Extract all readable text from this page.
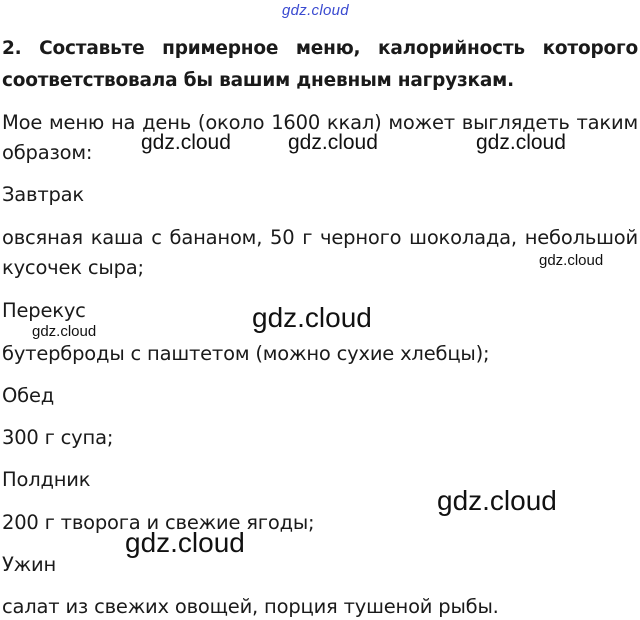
gdz.cloud
2. Составьте примерное меню, калорийность которого
соответствовала бы вашим дневным нагрузкам.
Мое меню на день (около 1600 ккал) может выглядеть таким
образом:	gdz.cloud	gdz.cloud	gdz.cloud
Завтрак
овсяная каша с бананом, 50 г черного шоколада, небольшой
кусочек сыра;	gdz.cloud
Перекус
gdz.cloud	gdz.cloud
бутерброды с паштетом (можно сухие хлебцы);
Обед
300 г супа;
Полдник
gdz.cloud
200 г творога и свежие ягоды;
gdz.cloud
Ужин
салат из свежих овощей, порция тушеной рыбы.
